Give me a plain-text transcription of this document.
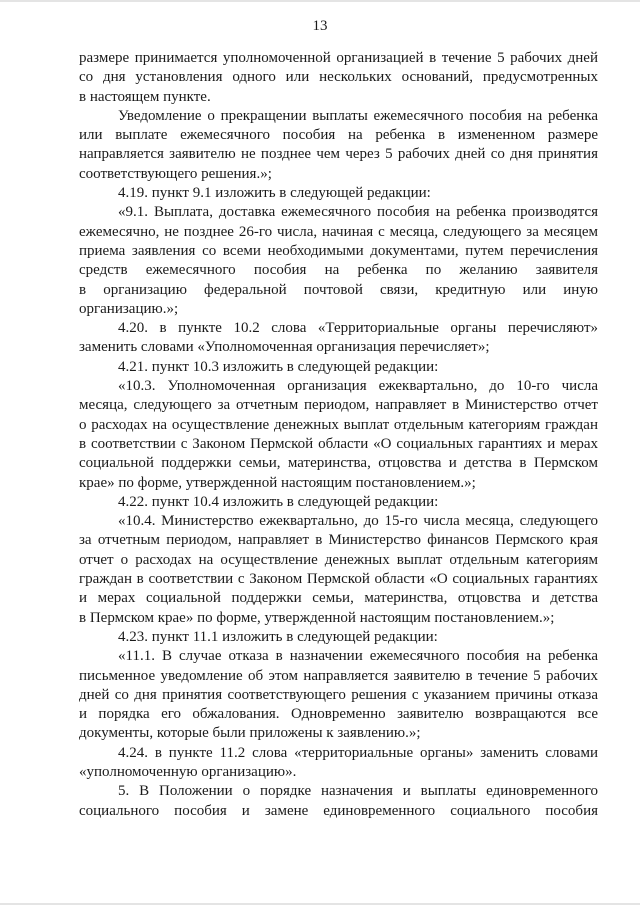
13
размере принимается уполномоченной организацией в течение 5 рабочих дней
со дня установления одного или нескольких оснований, предусмотренных
в настоящем пункте.
Уведомление о прекращении выплаты ежемесячного пособия на ребенка
или выплате ежемесячного пособия на ребенка в измененном размере
направляется заявителю не позднее чем через 5 рабочих дней со дня принятия
соответствующего решения.»;
4.19. пункт 9.1 изложить в следующей редакции:
«9.1. Выплата, доставка ежемесячного пособия на ребенка производятся
ежемесячно, не позднее 26-го числа, начиная с месяца, следующего за месяцем
приема заявления со всеми необходимыми документами, путем перечисления
средств ежемесячного пособия на ребенка по желанию заявителя
в организацию федеральной почтовой связи, кредитную или иную
организацию.»;
4.20. в пункте 10.2 слова «Территориальные органы перечисляют»
заменить словами «Уполномоченная организация перечисляет»;
4.21. пункт 10.3 изложить в следующей редакции:
«10.3. Уполномоченная организация ежеквартально, до 10-го числа
месяца, следующего за отчетным периодом, направляет в Министерство отчет
о расходах на осуществление денежных выплат отдельным категориям граждан
в соответствии с Законом Пермской области «О социальных гарантиях и мерах
социальной поддержки семьи, материнства, отцовства и детства в Пермском
крае» по форме, утвержденной настоящим постановлением.»;
4.22. пункт 10.4 изложить в следующей редакции:
«10.4. Министерство ежеквартально, до 15-го числа месяца, следующего
за отчетным периодом, направляет в Министерство финансов Пермского края
отчет о расходах на осуществление денежных выплат отдельным категориям
граждан в соответствии с Законом Пермской области «О социальных гарантиях
и мерах социальной поддержки семьи, материнства, отцовства и детства
в Пермском крае» по форме, утвержденной настоящим постановлением.»;
4.23. пункт 11.1 изложить в следующей редакции:
«11.1. В случае отказа в назначении ежемесячного пособия на ребенка
письменное уведомление об этом направляется заявителю в течение 5 рабочих
дней со дня принятия соответствующего решения с указанием причины отказа
и порядка его обжалования. Одновременно заявителю возвращаются все
документы, которые были приложены к заявлению.»;
4.24. в пункте 11.2 слова «территориальные органы» заменить словами
«уполномоченную организацию».
5. В Положении о порядке назначения и выплаты единовременного
социального пособия и замене единовременного социального пособия
